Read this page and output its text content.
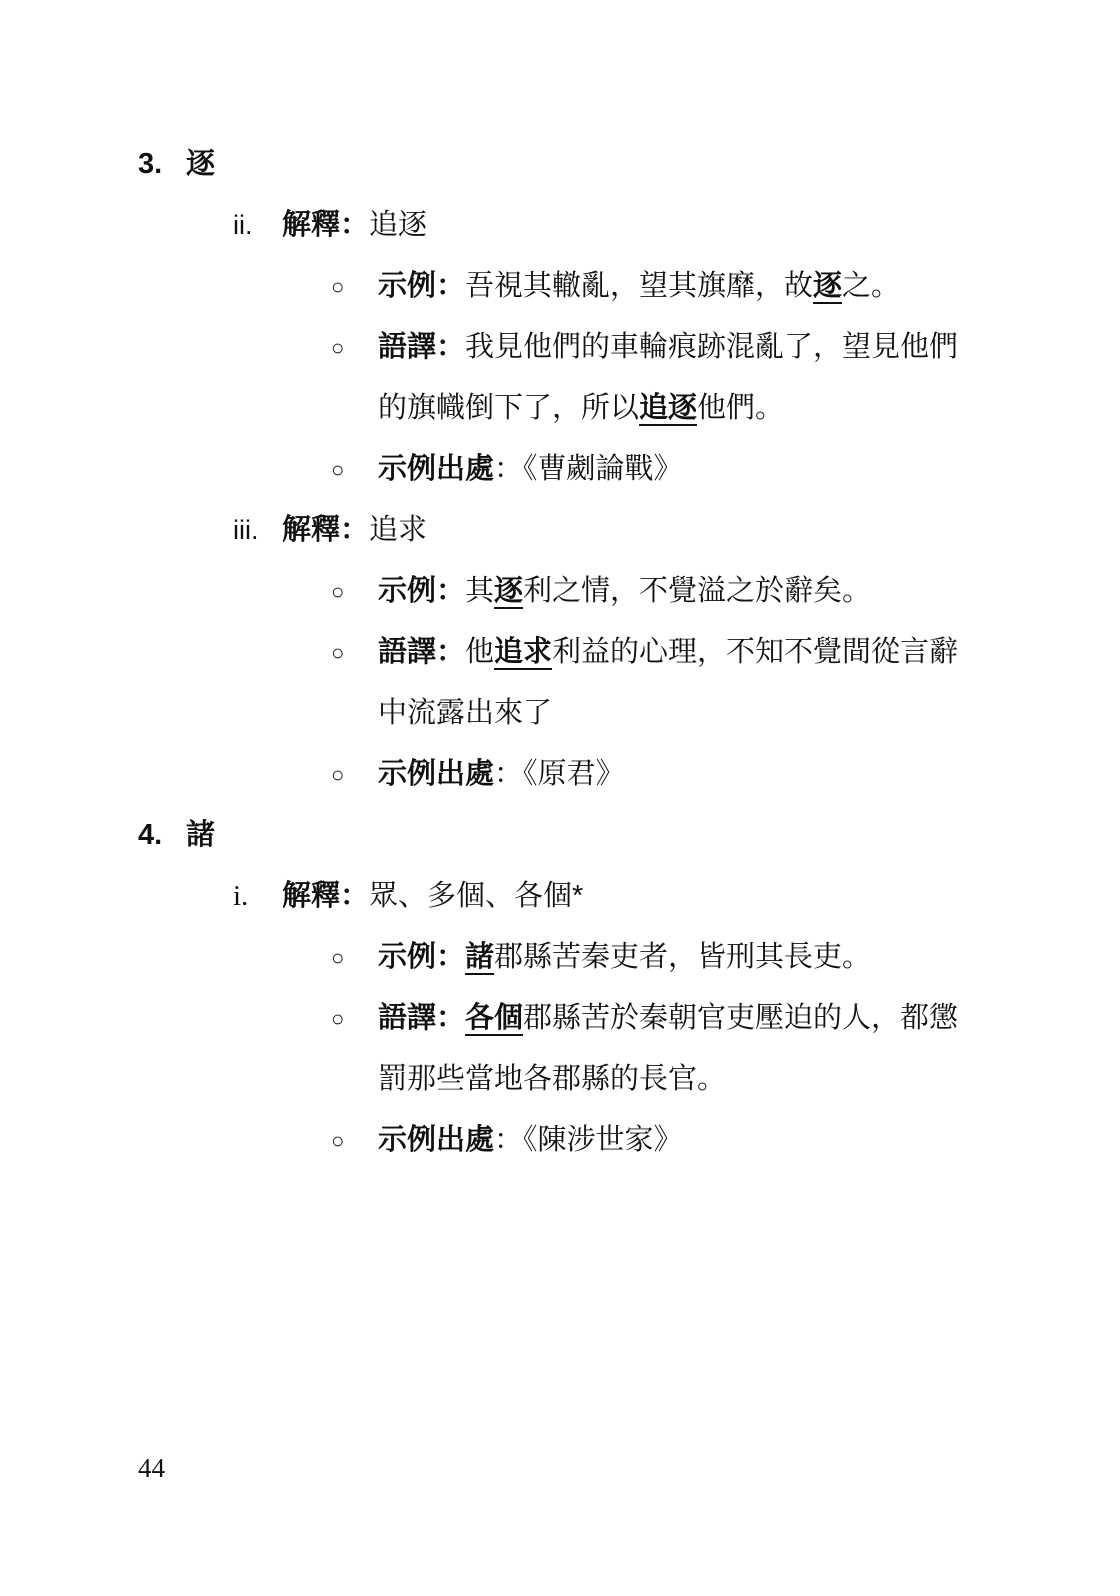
3. 逐
ii.	解釋： 追逐
○	示例：吾視其轍亂，望其旗靡，故逐之。
○	語譯：我見他們的車輪痕跡混亂了，望見他們的旗幟倒下了，所以追逐他們。
○	示例出處：《曹劌論戰》
iii. 解釋： 追求
○	示例：其逐利之情，不覺溢之於辭矣。
○	語譯：他追求利益的心理，不知不覺間從言辭中流露出來了
○	示例出處：《原君》
4. 諸
i.	解釋： 眾、多個、各個*
○	示例：諸郡縣苦秦吏者，皆刑其長吏。
○	語譯：各個郡縣苦於秦朝官吏壓迫的人，都懲罰那些當地各郡縣的長官。
○	示例出處：《陳涉世家》
44
